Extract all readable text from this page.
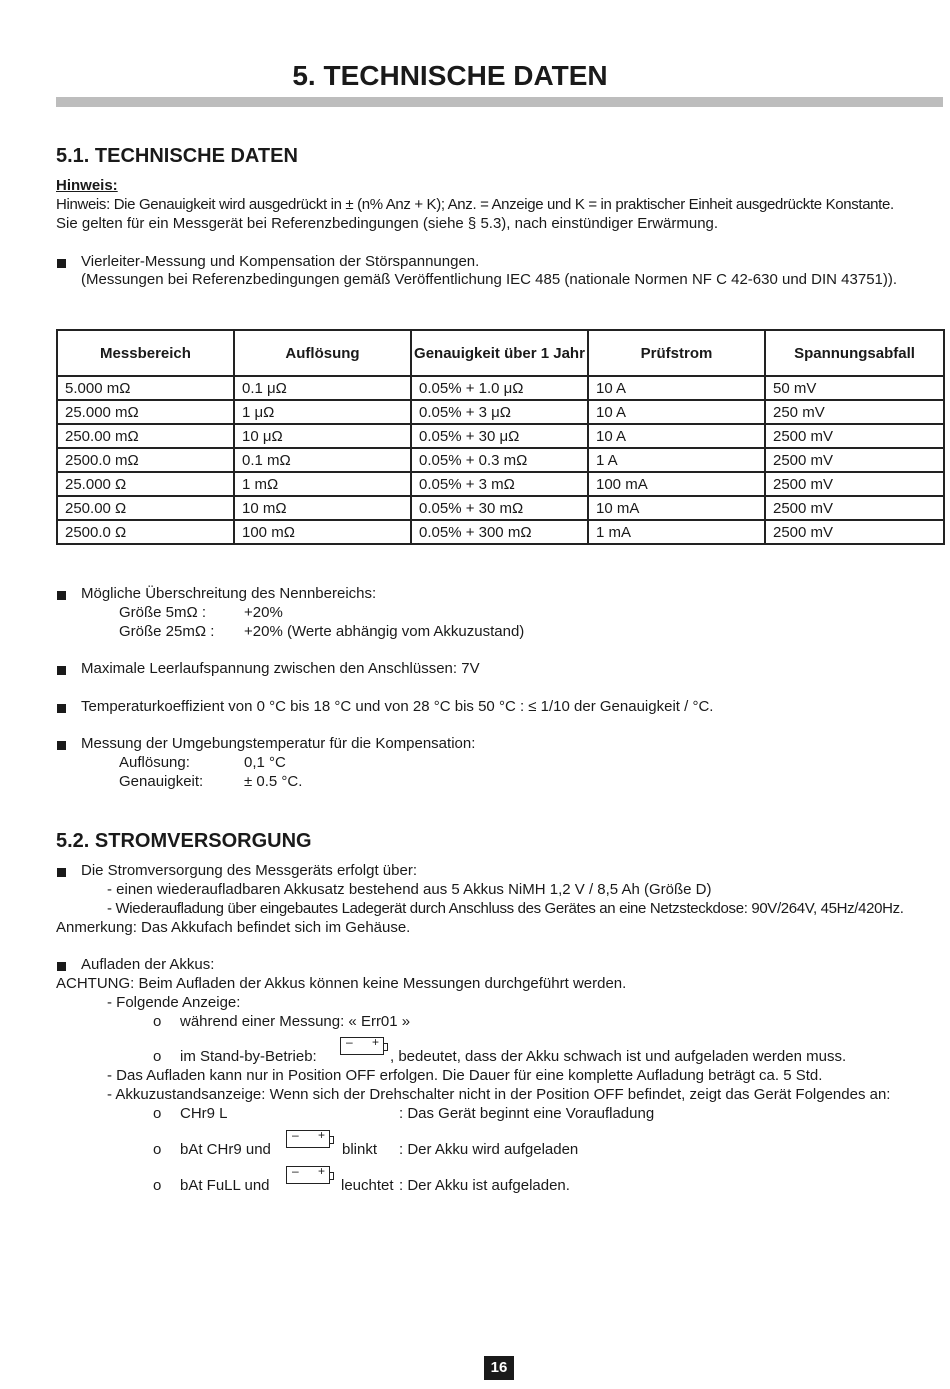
5. TECHNISCHE DATEN
5.1. TECHNISCHE DATEN
Hinweis:
Hinweis: Die Genauigkeit wird ausgedrückt in ± (n% Anz + K); Anz. = Anzeige und K = in praktischer Einheit ausgedrückte Konstante.
Sie gelten für ein Messgerät bei Referenzbedingungen (siehe § 5.3), nach einstündiger Erwärmung.
Vierleiter-Messung und Kompensation der Störspannungen.
(Messungen bei Referenzbedingungen gemäß Veröffentlichung IEC 485 (nationale Normen NF C 42-630 und DIN 43751)).
Messbereich	Auflösung	Genauigkeit über 1 Jahr	Prüfstrom	Spannungsabfall
5.000 mΩ	0.1 μΩ	0.05% + 1.0 μΩ	10 A	50 mV
25.000 mΩ	1 μΩ	0.05% + 3 μΩ	10 A	250 mV
250.00 mΩ	10 μΩ	0.05% + 30 μΩ	10 A	2500 mV
2500.0 mΩ	0.1 mΩ	0.05% + 0.3 mΩ	1 A	2500 mV
25.000 Ω	1 mΩ	0.05% + 3 mΩ	100 mA	2500 mV
250.00 Ω	10 mΩ	0.05% + 30 mΩ	10 mA	2500 mV
2500.0 Ω	100 mΩ	0.05% + 300 mΩ	1 mA	2500 mV
Mögliche Überschreitung des Nennbereichs:
Größe 5mΩ :	+20%
Größe 25mΩ : +20% (Werte abhängig vom Akkuzustand)
Maximale Leerlaufspannung zwischen den Anschlüssen: 7V
Temperaturkoeffizient von 0 °C bis 18 °C und von 28 °C bis 50 °C : ≤ 1/10 der Genauigkeit / °C.
Messung der Umgebungstemperatur für die Kompensation:
Auflösung:	0,1 °C
Genauigkeit:	± 0.5 °C.
5.2. STROMVERSORGUNG
Die Stromversorgung des Messgeräts erfolgt über:
- einen wiederaufladbaren Akkusatz bestehend aus 5 Akkus NiMH 1,2 V / 8,5 Ah (Größe D)
- Wiederaufladung über eingebautes Ladegerät durch Anschluss des Gerätes an eine Netzsteckdose: 90V/264V, 45Hz/420Hz.
Anmerkung: Das Akkufach befindet sich im Gehäuse.
Aufladen der Akkus:
ACHTUNG: Beim Aufladen der Akkus können keine Messungen durchgeführt werden.
- Folgende Anzeige:
o während einer Messung: « Err01 »
o im Stand-by-Betrieb:
– +
, bedeutet, dass der Akku schwach ist und aufgeladen werden muss.
- Das Aufladen kann nur in Position OFF erfolgen. Die Dauer für eine komplette Aufladung beträgt ca. 5 Std.
- Akkuzustandsanzeige: Wenn sich der Drehschalter nicht in der Position OFF befindet, zeigt das Gerät Folgendes an:
o CHr9 L	: Das Gerät beginnt eine Voraufladung
o bAt CHr9 und
– +
blinkt : Der Akku wird aufgeladen
o bAt FuLL und
– +
leuchtet : Der Akku ist aufgeladen.
16
